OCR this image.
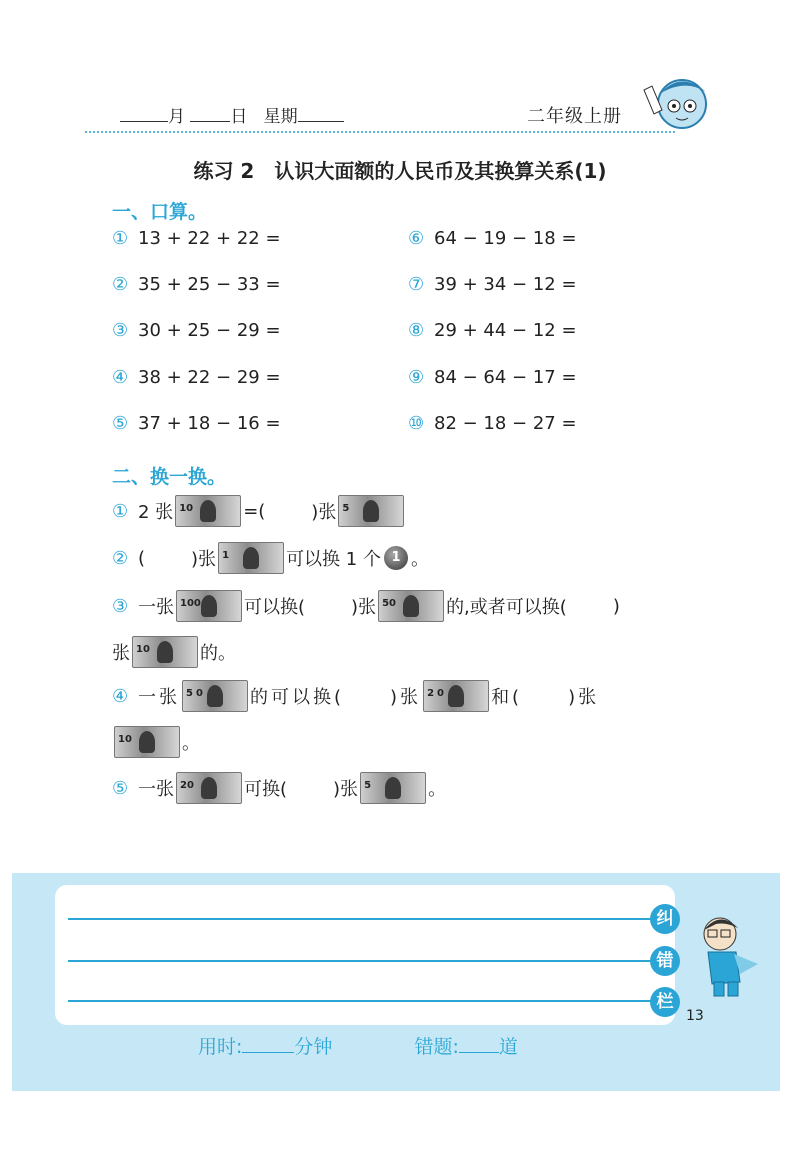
月	日 星期	二年级上册
练习 2　认识大面额的人民币及其换算关系(1)
一、口算。
① 13 + 22 + 22 =
② 35 + 25 − 33 =
③ 30 + 25 − 29 =
④ 38 + 22 − 29 =
⑤ 37 + 18 − 16 =
⑥ 64 − 19 − 18 =
⑦ 39 + 34 − 12 =
⑧ 29 + 44 − 12 =
⑨ 84 − 64 − 17 =
⑩ 82 − 18 − 27 =
二、换一换。
① 2 张 10	=(	)张 5
② (	)张 1	可以换 1 个 1 。
③ 一张 100 可以换(	)张 50	的,或者可以换(	)
张 10	的。
④ 一张 50 的可以换(	)张 20 和(	)张
10	。
⑤ 一张 20	可换(	)张 5	。
纠
错
栏
13
用时:	分钟	错题: 道
